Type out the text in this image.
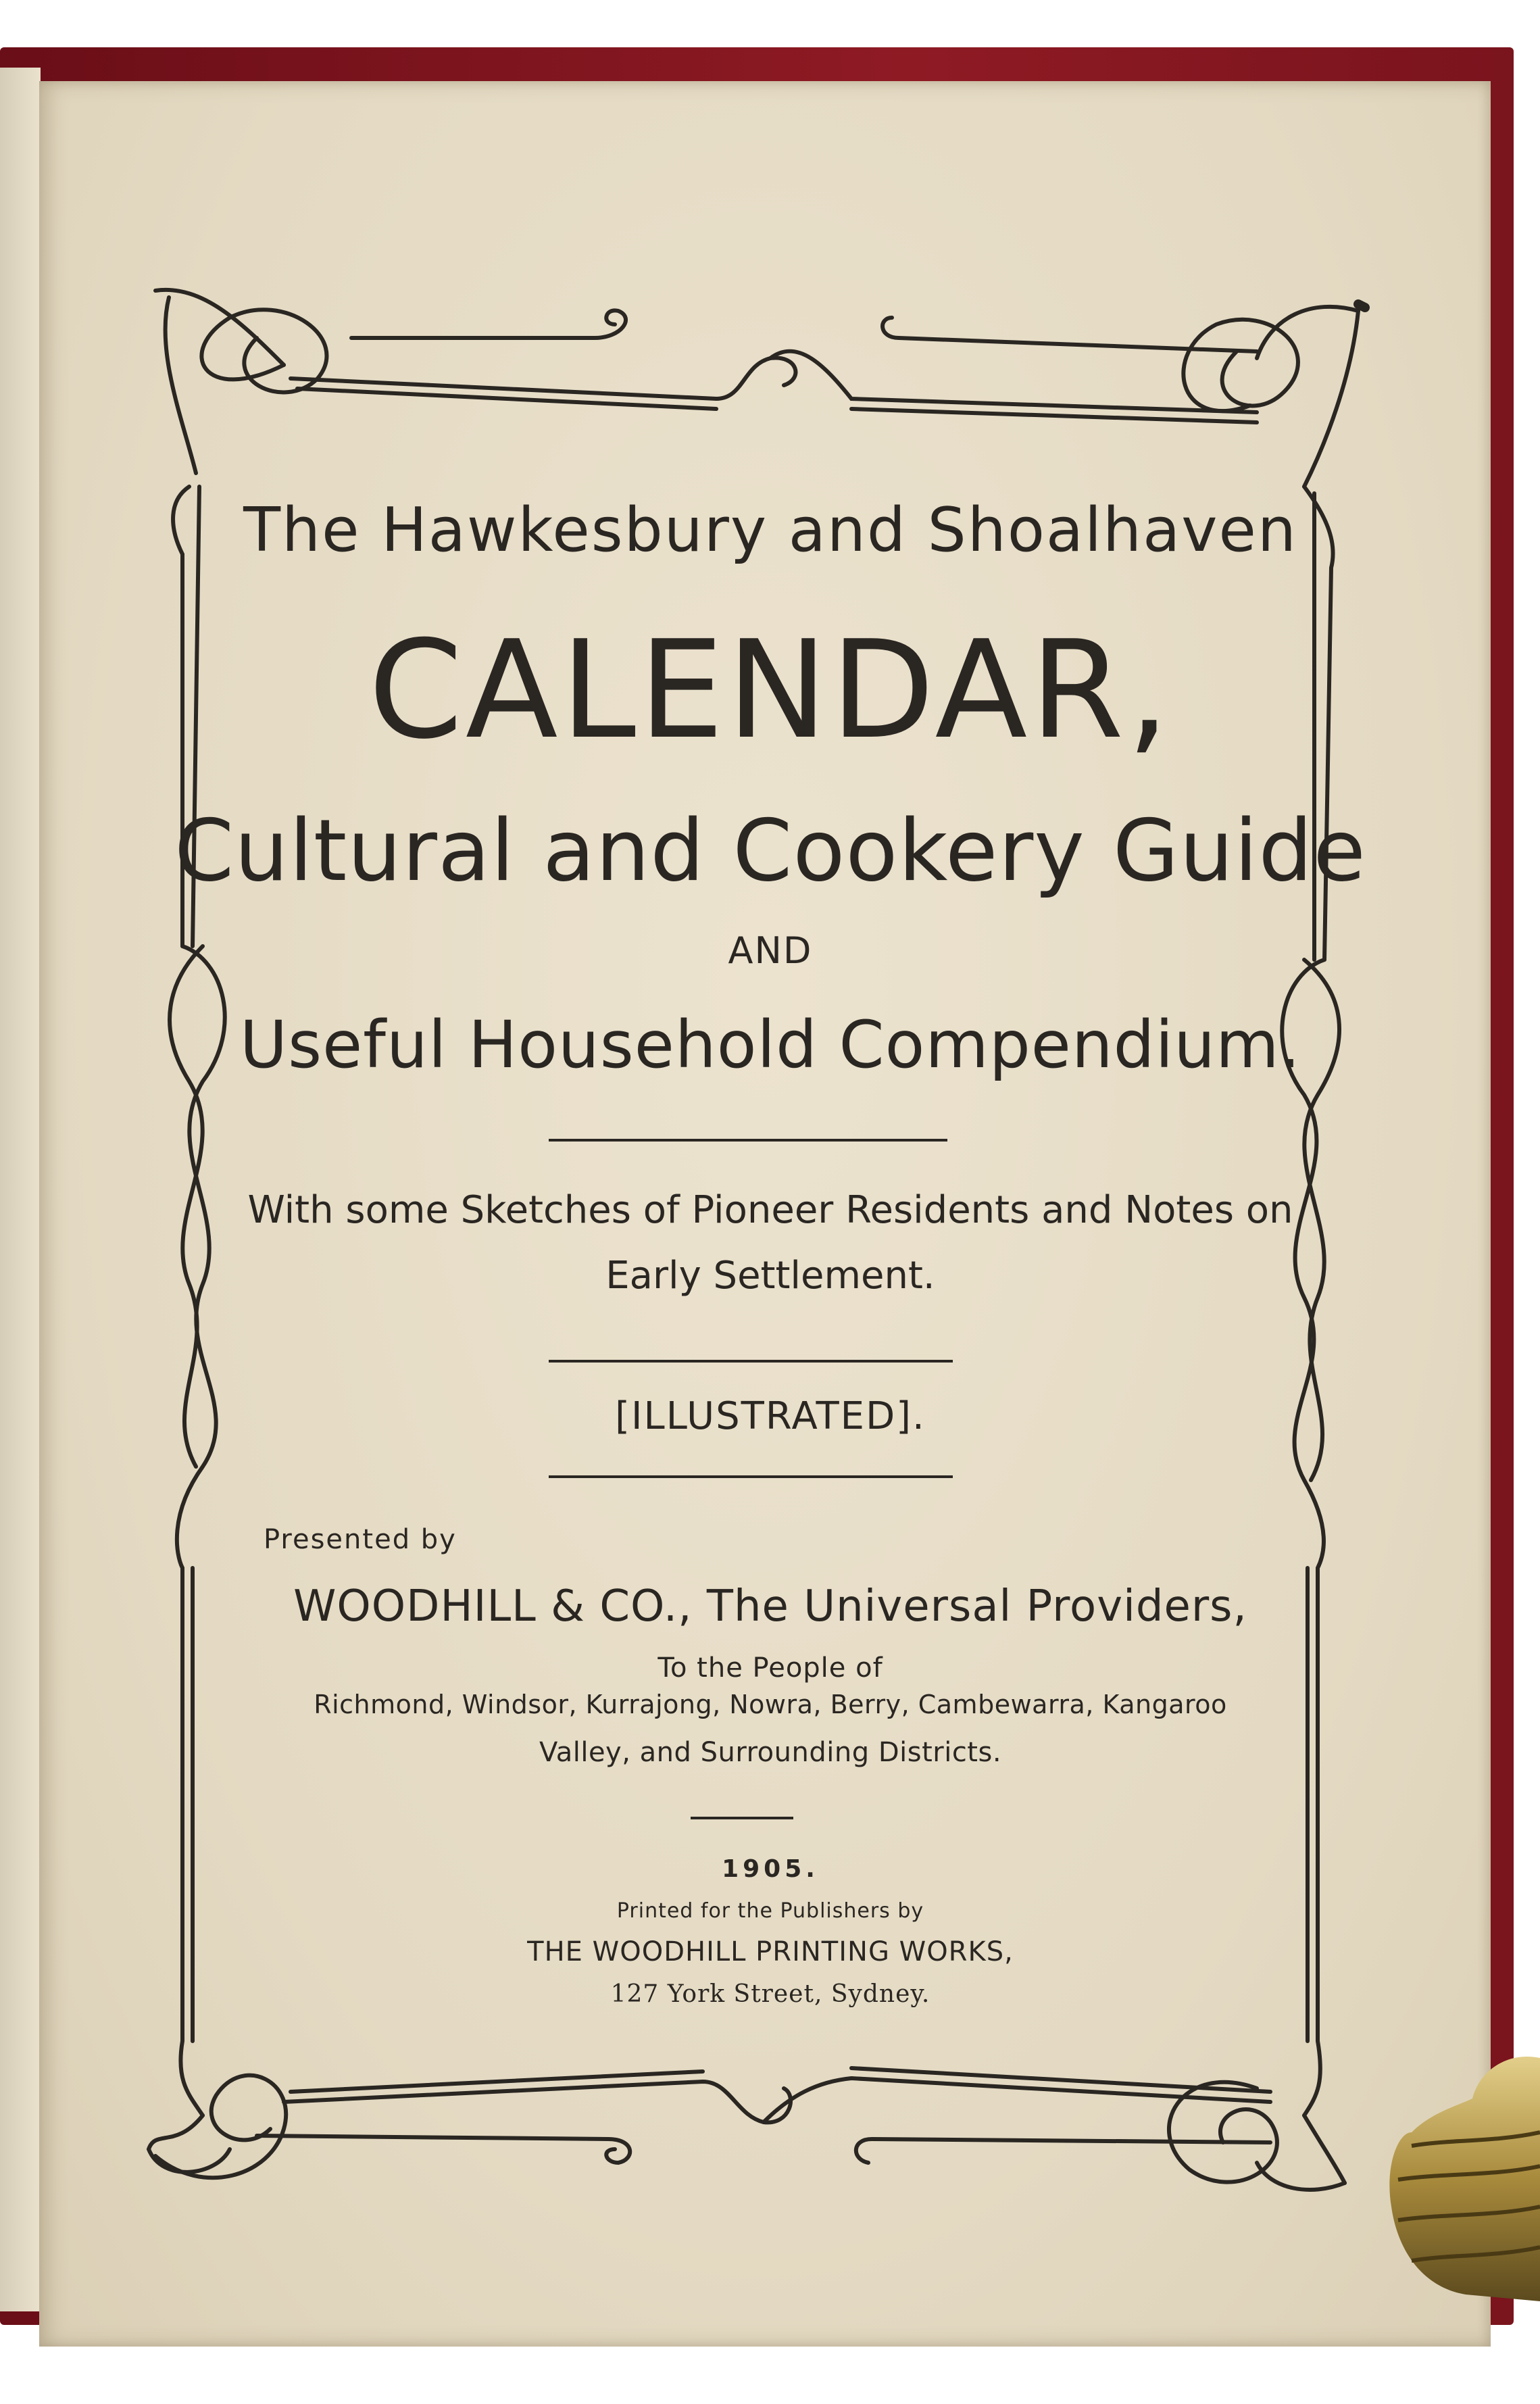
The Hawkesbury and Shoalhaven
CALENDAR,
Cultural and Cookery Guide
AND
Useful Household Compendium.
With some Sketches of Pioneer Residents and Notes on
Early Settlement.
[ILLUSTRATED].
Presented by
WOODHILL & CO., The Universal Providers,
To the People of
Richmond, Windsor, Kurrajong, Nowra, Berry, Cambewarra, Kangaroo
Valley, and Surrounding Districts.
1905.
Printed for the Publishers by
THE WOODHILL PRINTING WORKS,
127 York Street, Sydney.
